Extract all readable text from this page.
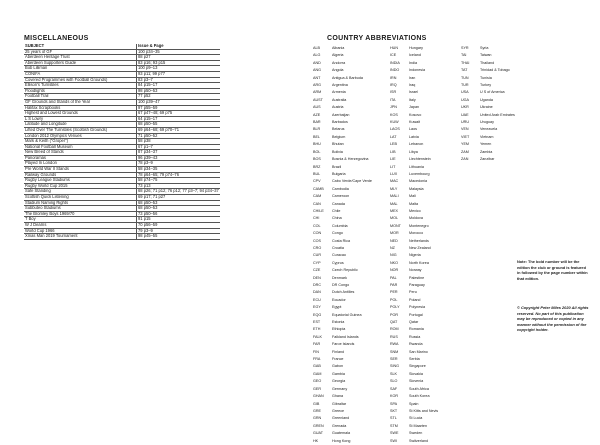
MISCELLANEOUS
SUBJECT	Issue & Page
25 years of GF	100 p34–35
Aberdeen Heritage Trust	88 p27
Aberdeen Supporters Guide	83 p16; 93 p15
Bob Lilliman	100 p9–13
CONIFA	93 p11; 99 p77
Covered Programmes with Football Grounds)	83 p3–7
Ellison's Turnstiles	84 p15–17
Floodlights	98 p50–53
Football Trail	77 p52
GF Grounds and Stands of the Year	100 p39–47
Halifax Scrapbooks	97 p55–59
Highest and Lowest Grounds	67 p47–48; 69 p75
L S Lowry	64 p15–17
Latitude and Longitude	68 p50–55
Lifted Over The Turnstiles (Scottish Grounds)	69 p64–68; 69 p70–71
London 2012 Olympics Venues	71 p50–52
Mark & Keith ("Groper")	58 p38
National Football Museum	67 p1–7
New Breed of Stands	87 p34–37
Panoramas	96 p39–43
Played In London	78 p3–9
Pre World War II Stands	58 p34–35
Railway Grounds	78 p64–65; 79 p74–76
Rugby League Stadiums	58 p74–75
Rugby World Cup 2015	73 p13
Safe Standing	68 p26; 71 p12; 76 p12; 77 p3–7; 94 p34–37
Scottish Quick Listening	69 p17; 71 p27
Stadium Naming Rights	68 p50–53
Subbuteo Stadiums	68 p50–53
The Bromley Boys 1969/70	73 p50–56
T Boy	91 p15
W J Dearns	70 p56–59
World Cup 1966	79 p3–9
Xmas Man 2019 Tournament	98 p45–55
COUNTRY ABBREVIATIONS
ALB	Albania
ALG	Algeria
AND	Andorra
ANG	Angola
ANT	Antigua & Barbuda
ARG	Argentina
ARM	Armenia
AUST	Australia
AUS	Austria
AZE	Azerbaijan
BAR	Barbados
BLR	Belarus
BEL	Belgium
BHU	Bhutan
BOL	Bolivia
BOS	Bosnia & Herzegovina
BRZ	Brazil
BUL	Bulgaria
CPV	Cabo Verde/Cape Verde
CAMB	Cambodia
CAM	Cameroon
CAN	Canada
CHILE	Chile
CHI	China
COL	Columbia
CON	Congo
COS	Costa Rica
CRO	Croatia
CUR	Curacao
CYP	Cyprus
CZE	Czech Republic
DEN	Denmark
DRC	DR Congo
DAN	Dutch Antilles
ECU	Ecuador
EGY	Egypt
EQG	Equatorial Guinea
EST	Estonia
ETH	Ethiopia
FALK	Falkland Islands
FAR	Faroe Islands
FIN	Finland
FRA	France
GAB	Gabon
GAM	Gambia
GEO	Georgia
GER	Germany
GHAN	Ghana
GIB	Gibraltar
GRE	Greece
GRN	Greenland
GREN	Grenada
GUAT	Guatemala
HK	Hong Kong
HUN	Hungary
ICE	Iceland
INDIA	India
INDO	Indonesia
IRN	Iran
IRQ	Iraq
ISR	Israel
ITA	Italy
JPN	Japan
KOS	Kosovo
KUW	Kuwait
LAOS	Laos
LAT	Latvia
LEB	Lebanon
LIB	Libya
LIE	Liechtenstein
LIT	Lithuania
LUX	Luxembourg
MAC	Macedonia
MLY	Malaysia
MALI	Mali
MAL	Malta
MEX	Mexico
MOL	Moldova
MONT	Montenegro
MOR	Morocco
NED	Netherlands
NZ	New Zealand
NIG	Nigeria
NKO	North Korea
NOR	Norway
PAL	Palestine
PAR	Paraguay
PER	Peru
POL	Poland
POLY	Polynesia
POR	Portugal
QAT	Qatar
ROM	Romania
RUS	Russia
RWA	Rwanda
SNM	San Marino
SER	Serbia
SING	Singapore
SLK	Slovakia
SLO	Slovenia
SAF	South Africa
KOR	South Korea
SPA	Spain
SKT	St Kitts and Nevis
STL	St Lucia
STM	St Maarten
SWE	Sweden
SWI	Switzerland
SYR	Syria
TAI	Taiwan
THAI	Thailand
TAT	Trinidad & Tobago
TUN	Tunisia
TUR	Turkey
USA	U S of America
UGA	Uganda
UKR	Ukraine
UAE	United Arab Emirates
URU	Uruguay
VEN	Venezuela
VIET	Vietnam
YEM	Yemen
ZAM	Zambia
ZAN	Zanzibar
Note: The bold number will be the edition the club or ground is featured in followed by the page number within that edition.
© Copyright Peter Miles 2020 All rights reserved. No part of this publication may be reproduced or copied in any manner without the permission of the copyright holder.
